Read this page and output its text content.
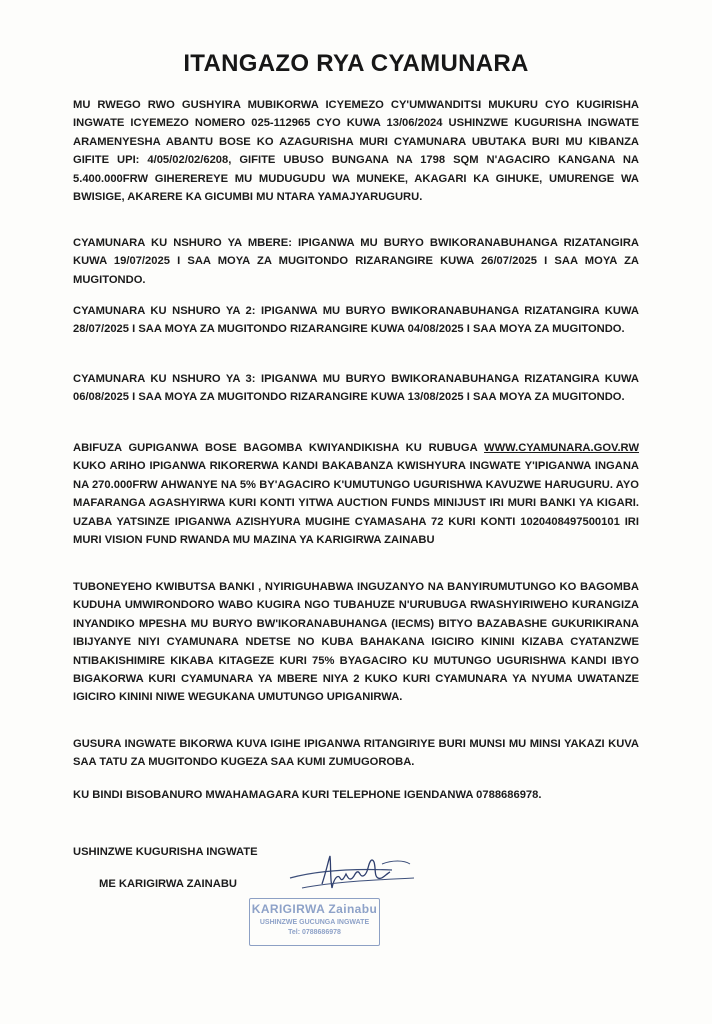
ITANGAZO RYA CYAMUNARA

MU RWEGO RWO GUSHYIRA MUBIKORWA ICYEMEZO CY'UMWANDITSI MUKURU CYO KUGIRISHA INGWATE ICYEMEZO NOMERO 025-112965 CYO KUWA 13/06/2024 USHINZWE KUGURISHA INGWATE ARAMENYESHA ABANTU BOSE KO AZAGURISHA MURI CYAMUNARA UBUTAKA BURI MU KIBANZA GIFITE UPI: 4/05/02/02/6208, GIFITE UBUSO BUNGANA NA 1798 SQM N'AGACIRO KANGANA NA 5.400.000FRW GIHEREREYE MU MUDUGUDU WA MUNEKE, AKAGARI KA GIHUKE, UMURENGE WA BWISIGE, AKARERE KA GICUMBI MU NTARA YAMAJYARUGURU.

CYAMUNARA KU NSHURO YA MBERE: IPIGANWA MU BURYO BWIKORANABUHANGA RIZATANGIRA KUWA 19/07/2025 I SAA MOYA ZA MUGITONDO RIZARANGIRE KUWA 26/07/2025 I SAA MOYA ZA MUGITONDO.

CYAMUNARA KU NSHURO YA 2: IPIGANWA MU BURYO BWIKORANABUHANGA RIZATANGIRA KUWA 28/07/2025 I SAA MOYA ZA MUGITONDO RIZARANGIRE KUWA 04/08/2025 I SAA MOYA ZA MUGITONDO.

CYAMUNARA KU NSHURO YA 3: IPIGANWA MU BURYO BWIKORANABUHANGA RIZATANGIRA KUWA 06/08/2025 I SAA MOYA ZA MUGITONDO RIZARANGIRE KUWA 13/08/2025 I SAA MOYA ZA MUGITONDO.

ABIFUZA GUPIGANWA BOSE BAGOMBA KWIYANDIKISHA KU RUBUGA WWW.CYAMUNARA.GOV.RW KUKO ARIHO IPIGANWA RIKORERWA KANDI BAKABANZA KWISHYURA INGWATE Y'IPIGANWA INGANA NA 270.000FRW AHWANYE NA 5% BY'AGACIRO K'UMUTUNGO UGURISHWA KAVUZWE HARUGURU. AYO MAFARANGA AGASHYIRWA KURI KONTI YITWA AUCTION FUNDS MINIJUST IRI MURI BANKI YA KIGARI. UZABA YATSINZE IPIGANWA AZISHYURA MUGIHE CYAMASAHA 72 KURI KONTI 1020408497500101 IRI MURI VISION FUND RWANDA MU MAZINA YA KARIGIRWA ZAINABU

TUBONEYEHO KWIBUTSA BANKI , NYIRIGUHABWA INGUZANYO NA BANYIRUMUTUNGO KO BAGOMBA KUDUHA UMWIRONDORO WABO KUGIRA NGO TUBAHUZE N'URUBUGA RWASHYIRIWEHO KURANGIZA INYANDIKO MPESHA MU BURYO BW'IKORANABUHANGA (IECMS) BITYO BAZABASHE GUKURIKIRANA IBIJYANYE NIYI CYAMUNARA NDETSE NO KUBA BAHAKANA IGICIRO KININI KIZABA CYATANZWE NTIBAKISHIMIRE KIKABA KITAGEZE KURI 75% BYAGACIRO KU MUTUNGO UGURISHWA KANDI IBYO BIGAKORWA KURI CYAMUNARA YA MBERE NIYA 2 KUKO KURI CYAMUNARA YA NYUMA UWATANZE IGICIRO KININI NIWE WEGUKANA UMUTUNGO UPIGANIRWA.

GUSURA INGWATE BIKORWA KUVA IGIHE IPIGANWA RITANGIRIYE BURI MUNSI MU MINSI YAKAZI KUVA SAA TATU ZA MUGITONDO KUGEZA SAA KUMI ZUMUGOROBA.

KU BINDI BISOBANURO MWAHAMAGARA KURI TELEPHONE IGENDANWA 0788686978.

USHINZWE KUGURISHA INGWATE

ME KARIGIRWA ZAINABU

KARIGIRWA Zainabu
USHINZWE GUCUNGA INGWATE
Tel: 0788686978
